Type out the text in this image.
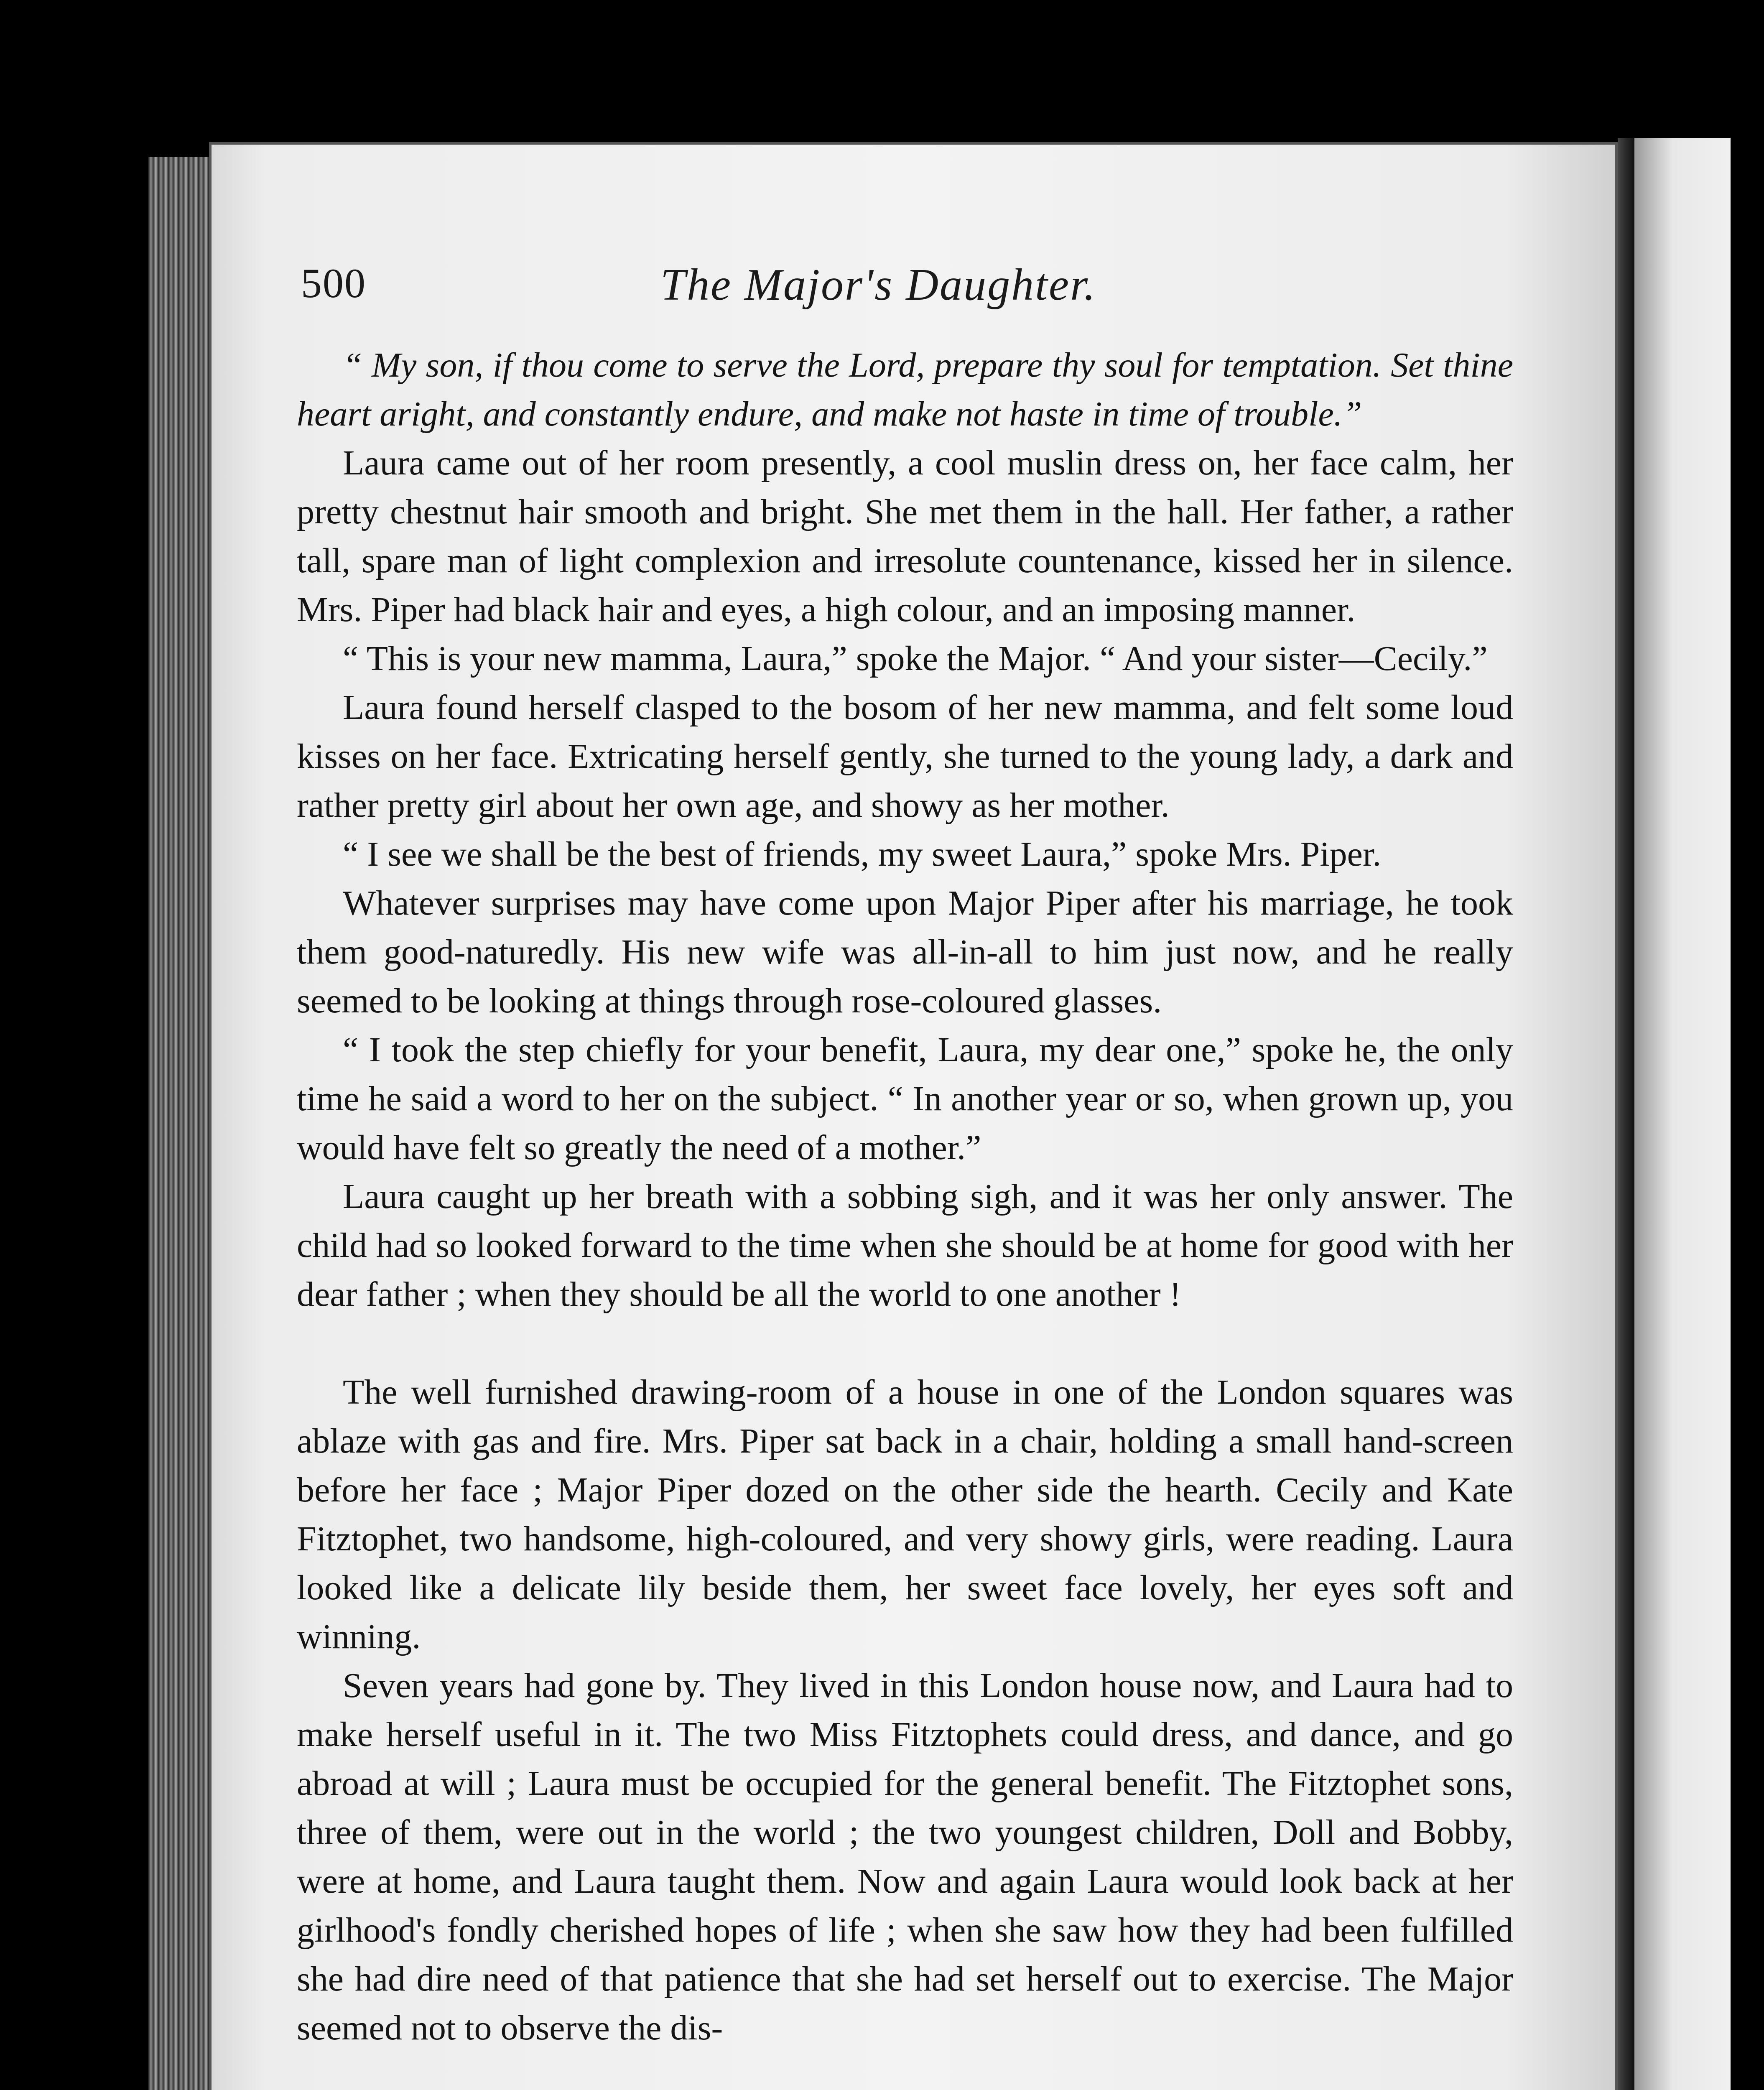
500	The Major's Daughter.

“ My son, if thou come to serve the Lord, prepare thy soul for temptation. Set thine heart aright, and constantly endure, and make not haste in time of trouble.”

Laura came out of her room presently, a cool muslin dress on, her face calm, her pretty chestnut hair smooth and bright. She met them in the hall. Her father, a rather tall, spare man of light complexion and irresolute countenance, kissed her in silence. Mrs. Piper had black hair and eyes, a high colour, and an imposing manner.

“ This is your new mamma, Laura,” spoke the Major. “ And your sister—Cecily.”

Laura found herself clasped to the bosom of her new mamma, and felt some loud kisses on her face. Extricating herself gently, she turned to the young lady, a dark and rather pretty girl about her own age, and showy as her mother.

“ I see we shall be the best of friends, my sweet Laura,” spoke Mrs. Piper.

Whatever surprises may have come upon Major Piper after his marriage, he took them good-naturedly. His new wife was all-in-all to him just now, and he really seemed to be looking at things through rose-coloured glasses.

“ I took the step chiefly for your benefit, Laura, my dear one,” spoke he, the only time he said a word to her on the subject. “ In another year or so, when grown up, you would have felt so greatly the need of a mother.”

Laura caught up her breath with a sobbing sigh, and it was her only answer. The child had so looked forward to the time when she should be at home for good with her dear father ; when they should be all the world to one another !

The well furnished drawing-room of a house in one of the London squares was ablaze with gas and fire. Mrs. Piper sat back in a chair, holding a small hand-screen before her face ; Major Piper dozed on the other side the hearth. Cecily and Kate Fitztophet, two handsome, high-coloured, and very showy girls, were reading. Laura looked like a delicate lily beside them, her sweet face lovely, her eyes soft and winning.

Seven years had gone by. They lived in this London house now, and Laura had to make herself useful in it. The two Miss Fitztophets could dress, and dance, and go abroad at will ; Laura must be occupied for the general benefit. The Fitztophet sons, three of them, were out in the world ; the two youngest children, Doll and Bobby, were at home, and Laura taught them. Now and again Laura would look back at her girlhood's fondly cherished hopes of life ; when she saw how they had been fulfilled she had dire need of that patience that she had set herself out to exercise. The Major seemed not to observe the dis-
